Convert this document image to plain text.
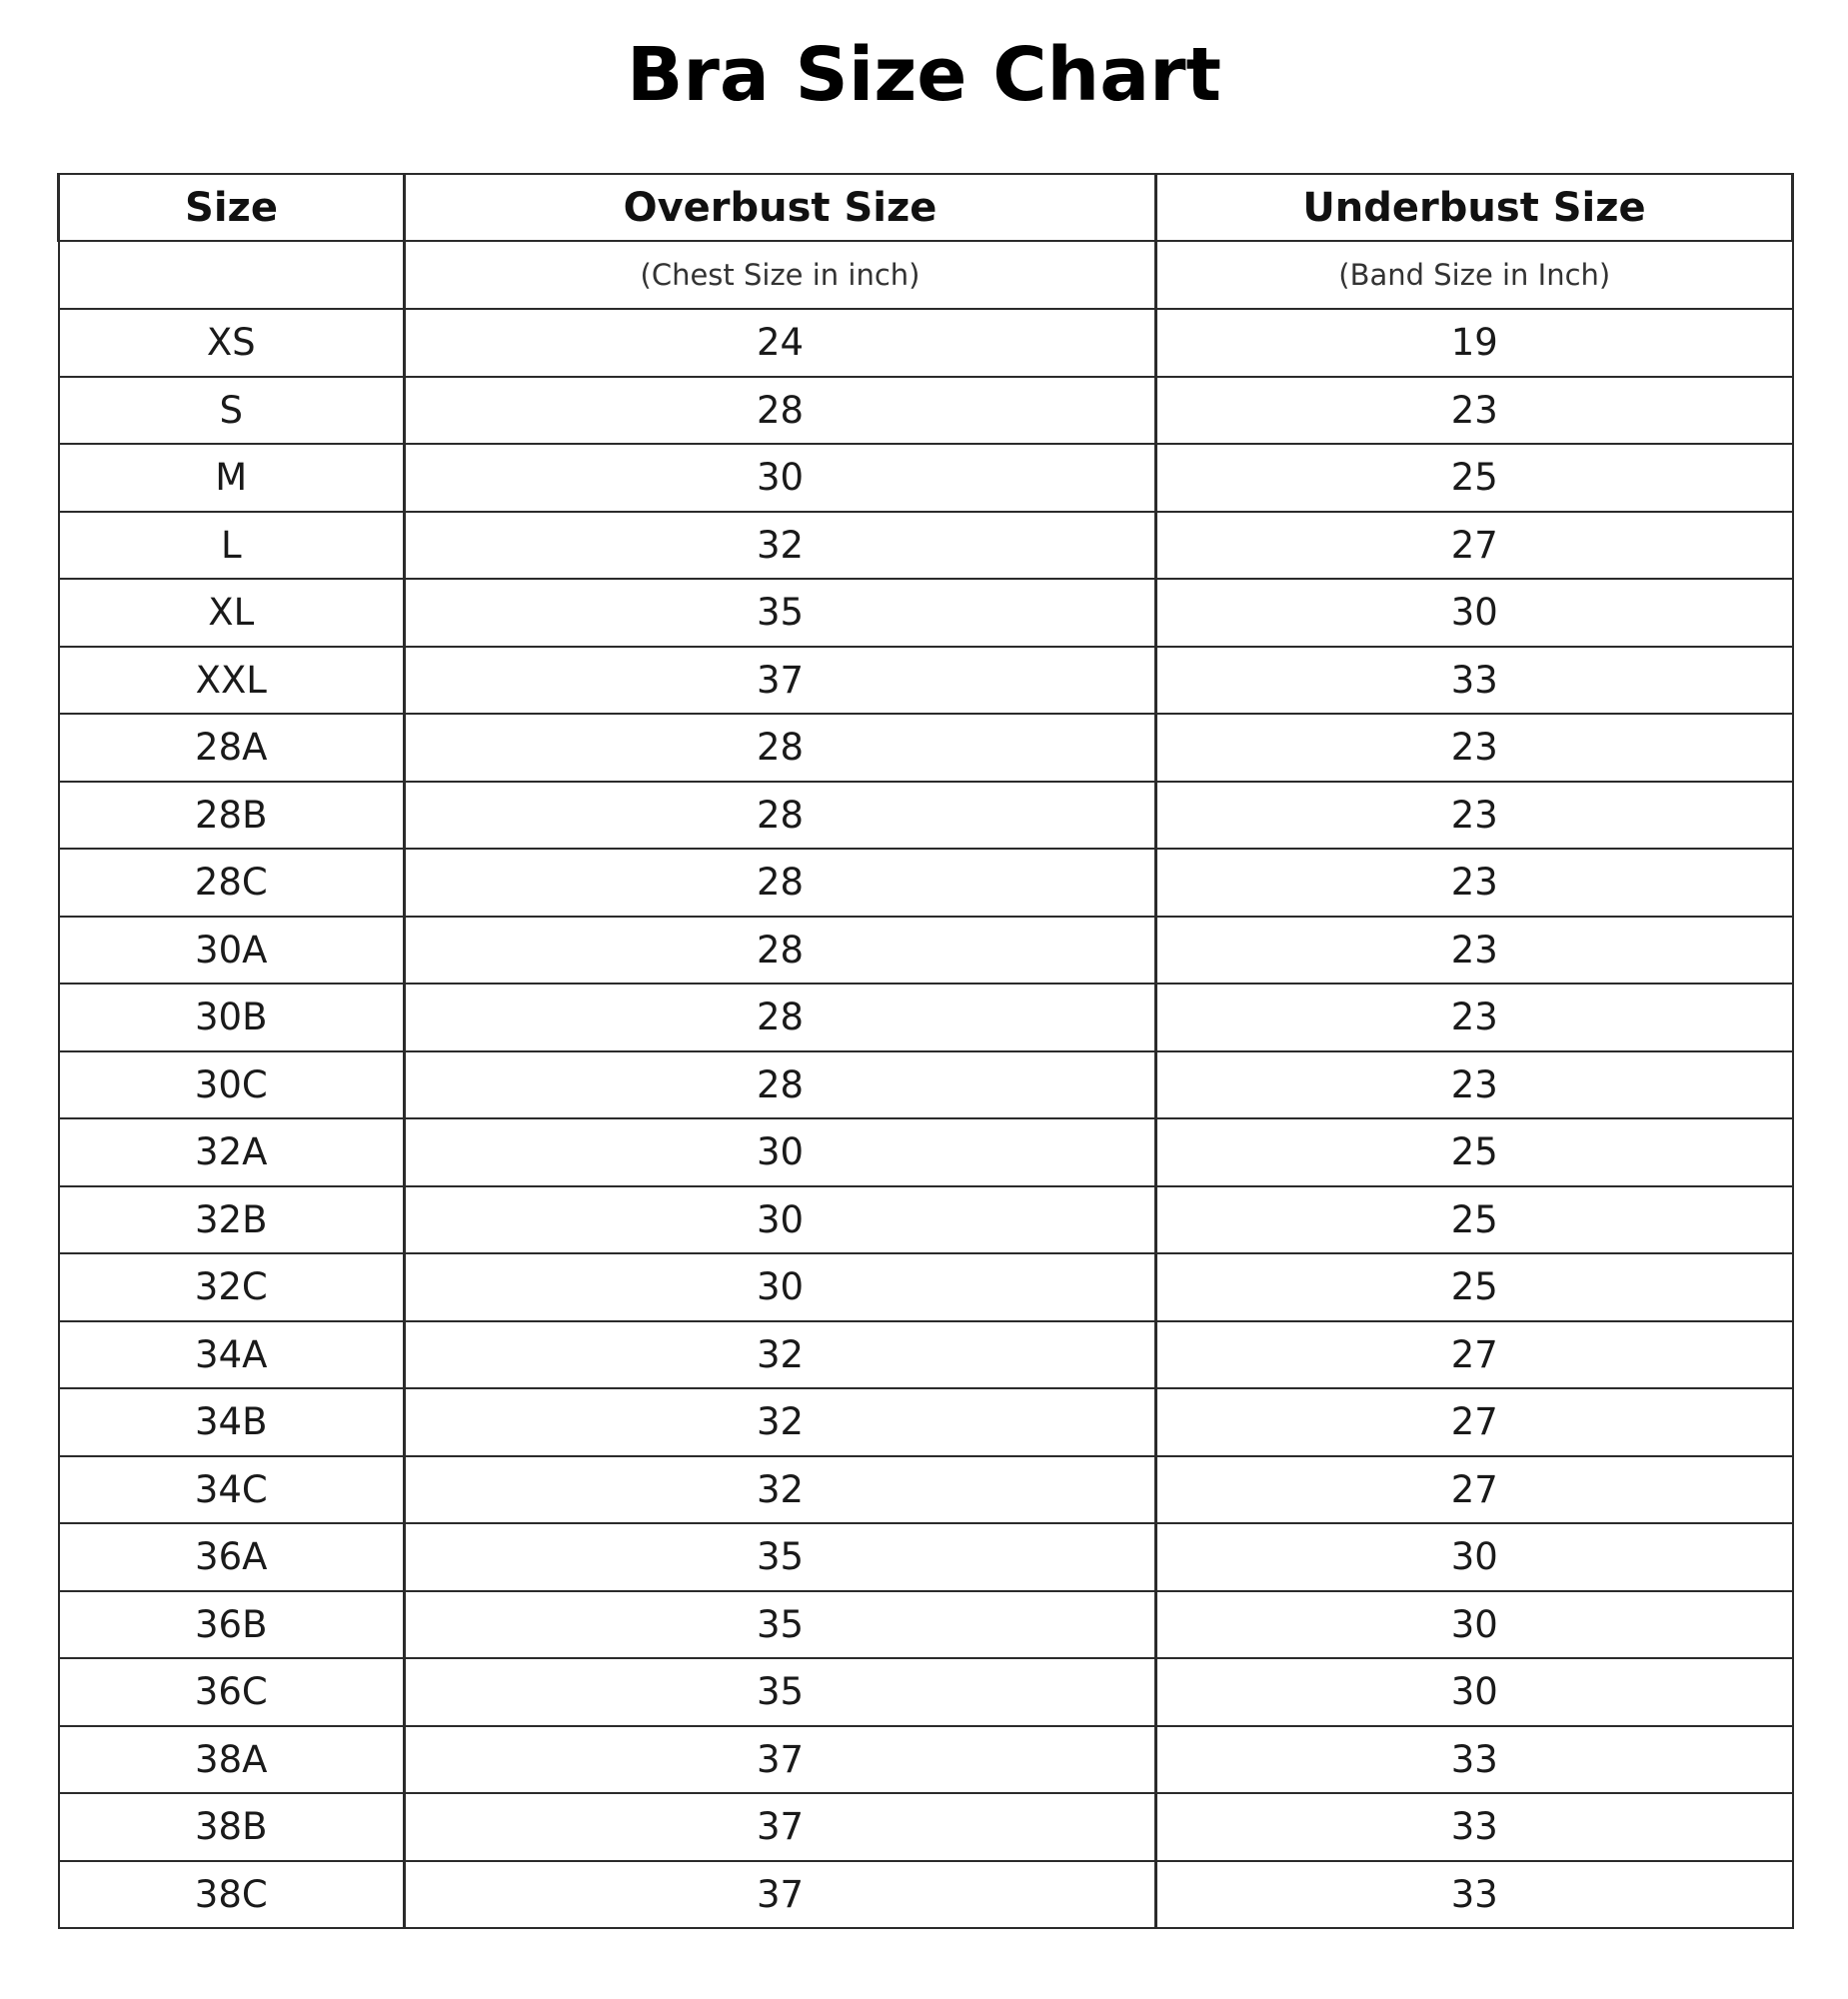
Bra Size Chart
Size	Overbust Size	Underbust Size
	(Chest Size in inch)	(Band Size in Inch)
XS	24	19
S	28	23
M	30	25
L	32	27
XL	35	30
XXL	37	33
28A	28	23
28B	28	23
28C	28	23
30A	28	23
30B	28	23
30C	28	23
32A	30	25
32B	30	25
32C	30	25
34A	32	27
34B	32	27
34C	32	27
36A	35	30
36B	35	30
36C	35	30
38A	37	33
38B	37	33
38C	37	33
